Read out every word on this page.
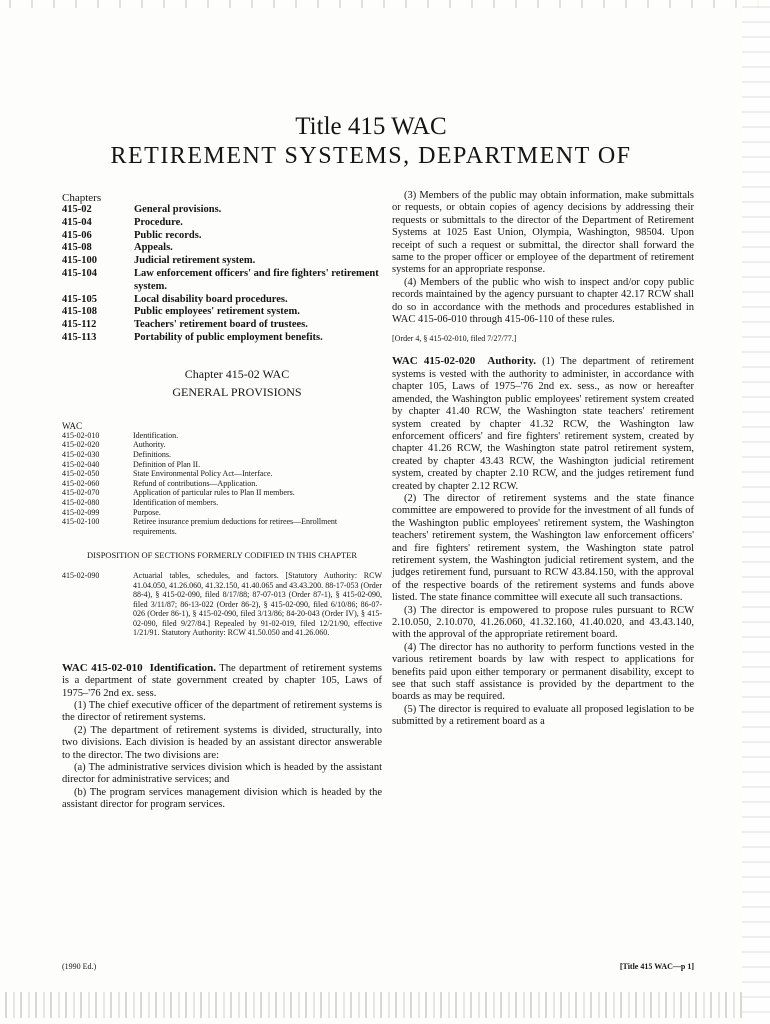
Title 415 WAC
RETIREMENT SYSTEMS, DEPARTMENT OF
Chapters
415-02	General provisions.
415-04	Procedure.
415-06	Public records.
415-08	Appeals.
415-100	Judicial retirement system.
415-104	Law enforcement officers' and fire fighters' retirement system.
415-105	Local disability board procedures.
415-108	Public employees' retirement system.
415-112	Teachers' retirement board of trustees.
415-113	Portability of public employment benefits.
Chapter 415-02 WAC
GENERAL PROVISIONS
WAC
415-02-010	Identification.
415-02-020	Authority.
415-02-030	Definitions.
415-02-040	Definition of Plan II.
415-02-050	State Environmental Policy Act—Interface.
415-02-060	Refund of contributions—Application.
415-02-070	Application of particular rules to Plan II members.
415-02-080	Identification of members.
415-02-099	Purpose.
415-02-100	Retiree insurance premium deductions for retirees—Enrollment requirements.
DISPOSITION OF SECTIONS FORMERLY CODIFIED IN THIS CHAPTER
415-02-090	Actuarial tables, schedules, and factors. [Statutory Authority: RCW 41.04.050, 41.26.060, 41.32.150, 41.40.065 and 43.43.200. 88-17-053 (Order 88-4), § 415-02-090, filed 8/17/88; 87-07-013 (Order 87-1), § 415-02-090, filed 3/11/87; 86-13-022 (Order 86-2), § 415-02-090, filed 6/10/86; 86-07-026 (Order 86-1), § 415-02-090, filed 3/13/86; 84-20-043 (Order IV), § 415-02-090, filed 9/27/84.] Repealed by 91-02-019, filed 12/21/90, effective 1/21/91. Statutory Authority: RCW 41.50.050 and 41.26.060.

WAC 415-02-010 Identification. The department of retirement systems is a department of state government created by chapter 105, Laws of 1975–'76 2nd ex. sess.

(1) The chief executive officer of the department of retirement systems is the director of retirement systems.

(2) The department of retirement systems is divided, structurally, into two divisions. Each division is headed by an assistant director answerable to the director. The two divisions are:

(a) The administrative services division which is headed by the assistant director for administrative services; and

(b) The program services management division which is headed by the assistant director for program services.

(3) Members of the public may obtain information, make submittals or requests, or obtain copies of agency decisions by addressing their requests or submittals to the director of the Department of Retirement Systems at 1025 East Union, Olympia, Washington, 98504. Upon receipt of such a request or submittal, the director shall forward the same to the proper officer or employee of the department of retirement systems for an appropriate response.

(4) Members of the public who wish to inspect and/or copy public records maintained by the agency pursuant to chapter 42.17 RCW shall do so in accordance with the methods and procedures established in WAC 415-06-010 through 415-06-110 of these rules.

[Order 4, § 415-02-010, filed 7/27/77.]

WAC 415-02-020 Authority. (1) The department of retirement systems is vested with the authority to administer, in accordance with chapter 105, Laws of 1975–'76 2nd ex. sess., as now or hereafter amended, the Washington public employees' retirement system created by chapter 41.40 RCW, the Washington state teachers' retirement system created by chapter 41.32 RCW, the Washington law enforcement officers' and fire fighters' retirement system, created by chapter 41.26 RCW, the Washington state patrol retirement system, created by chapter 43.43 RCW, the Washington judicial retirement system, created by chapter 2.10 RCW, and the judges retirement fund created by chapter 2.12 RCW.

(2) The director of retirement systems and the state finance committee are empowered to provide for the investment of all funds of the Washington public employees' retirement system, the Washington teachers' retirement system, the Washington law enforcement officers' and fire fighters' retirement system, the Washington state patrol retirement system, the Washington judicial retirement system, and the judges retirement fund, pursuant to RCW 43.84.150, with the approval of the respective boards of the retirement systems and funds above listed. The state finance committee will execute all such transactions.

(3) The director is empowered to propose rules pursuant to RCW 2.10.050, 2.10.070, 41.26.060, 41.32.160, 41.40.020, and 43.43.140, with the approval of the appropriate retirement board.

(4) The director has no authority to perform functions vested in the various retirement boards by law with respect to applications for benefits paid upon either temporary or permanent disability, except to see that such staff assistance is provided by the department to the boards as may be required.

(5) The director is required to evaluate all proposed legislation to be submitted by a retirement board as a

(1990 Ed.)	[Title 415 WAC—p 1]
